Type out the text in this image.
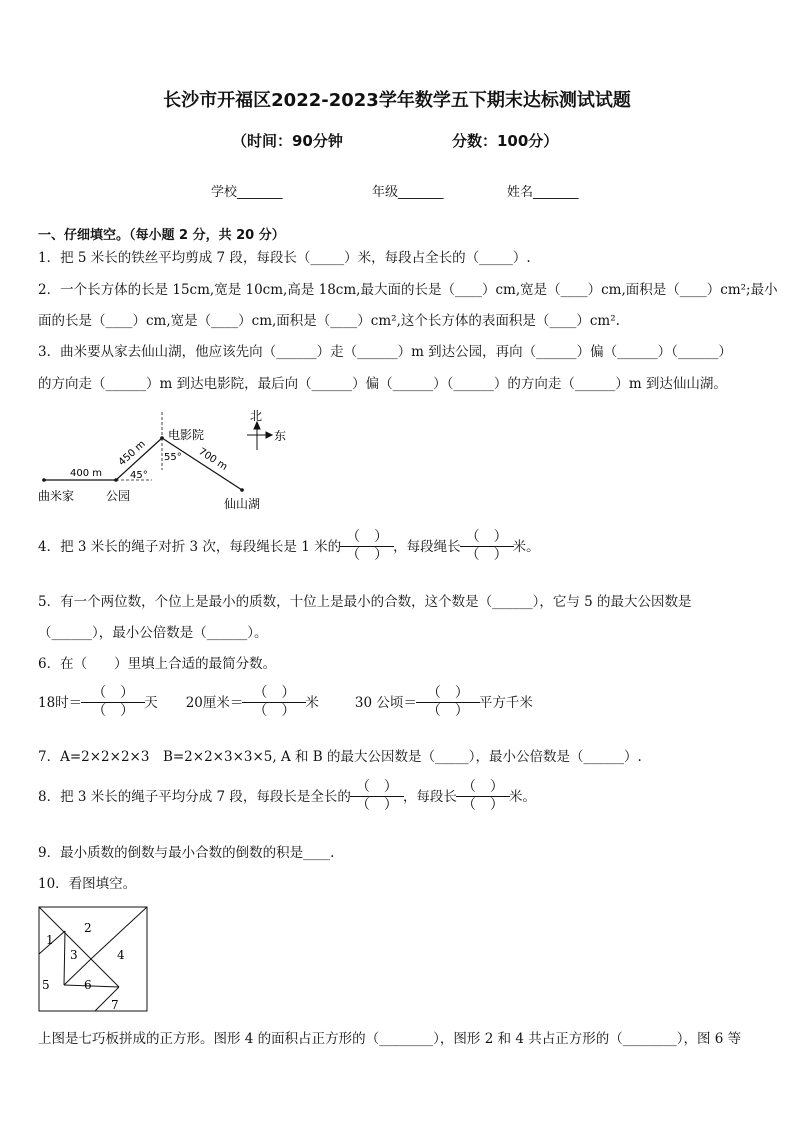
长沙市开福区2022-2023学年数学五下期末达标测试试题
（时间：90分钟	分数：100分）
学校_______	年级_______	姓名_______
一、仔细填空。（每小题 2 分，共 20 分）
1．把 5 米长的铁丝平均剪成 7 段，每段长（_____）米，每段占全长的（_____）.
2．一个长方体的长是 15cm,宽是 10cm,高是 18cm,最大面的长是（____）cm,宽是（____）cm,面积是（____）cm²;最小
面的长是（____）cm,宽是（____）cm,面积是（____）cm²,这个长方体的表面积是（____）cm².
3．曲米要从家去仙山湖，他应该先向（______）走（______）m 到达公园，再向（______）偏（______）（______）
的方向走（______）m 到达电影院，最后向（______）偏（______）（______）的方向走（______）m 到达仙山湖。
400 m
450 m	700 m
45°
55°
电影院
曲米家	公园
仙山湖
北
东
4．把 3 米长的绳子对折 3 次，每段绳长是 1 米的 $\frac{( )}{( )}$ ，每段绳长 $\frac{( )}{( )}$ 米。
5．有一个两位数，个位上是最小的质数，十位上是最小的合数，这个数是（______），它与 5 的最大公因数是
（______），最小公倍数是（______）。
6．在（　　）里填上合适的最简分数。
18时＝ $\frac{( )}{( )}$ 天 20厘米＝ $\frac{( )}{( )}$ 米	30 公顷＝ $\frac{( )}{( )}$ 平方千米
7．A=2×2×2×3　B=2×2×3×3×5, A 和 B 的最大公因数是（_____），最小公倍数是（______）.
8．把 3 米长的绳子平均分成 7 段，每段长是全长的 $\frac{( )}{( )}$ ，每段长 $\frac{( )}{( )}$ 米。
9．最小质数的倒数与最小合数的倒数的积是____.
10．看图填空。
1
2
3	4
5	6
7
上图是七巧板拼成的正方形。图形 4 的面积占正方形的（________），图形 2 和 4 共占正方形的（________），图 6 等
